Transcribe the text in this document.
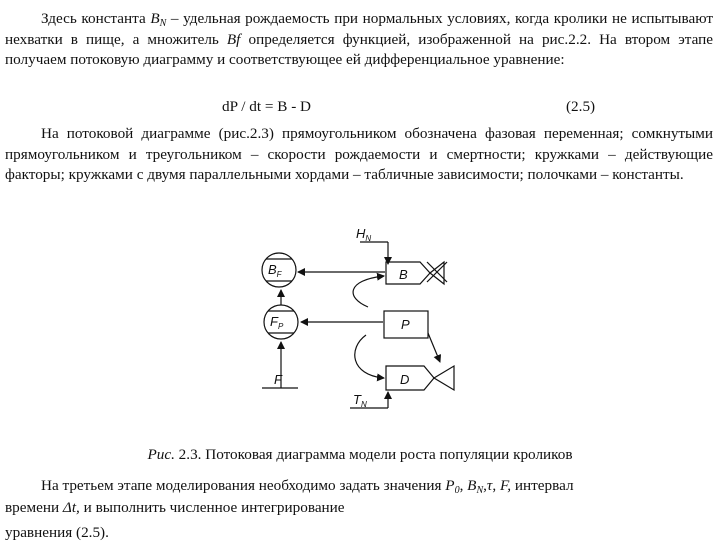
Здесь константа $B_N$ – удельная рождаемость при нормальных условиях, когда кролики не испытывают нехватки в пище, а множитель Bf определяется функцией, изображенной на рис.2.2. На втором этапе получаем потоковую диаграмму и соответствующее ей дифференциальное уравнение:
dP / dt = B - D	(2.5)
На потоковой диаграмме (рис.2.3) прямоугольником обозначена фазовая переменная; сомкнутыми прямоугольником и треугольником – скорости рождаемости и смертности; кружками – действующие факторы; кружками с двумя параллельными хордами – табличные зависимости; полочками – константы.
$H_N$
$B_F$	B
$F_P$	P
F	D
$T_N$
Рис. 2.3. Потоковая диаграмма модели роста популяции кроликов
На третьем этапе моделирования необходимо задать значения $P_0$, $B_N,\tau$, F, интервал
времени Δt, и выполнить численное интегрирование
уравнения (2.5).
